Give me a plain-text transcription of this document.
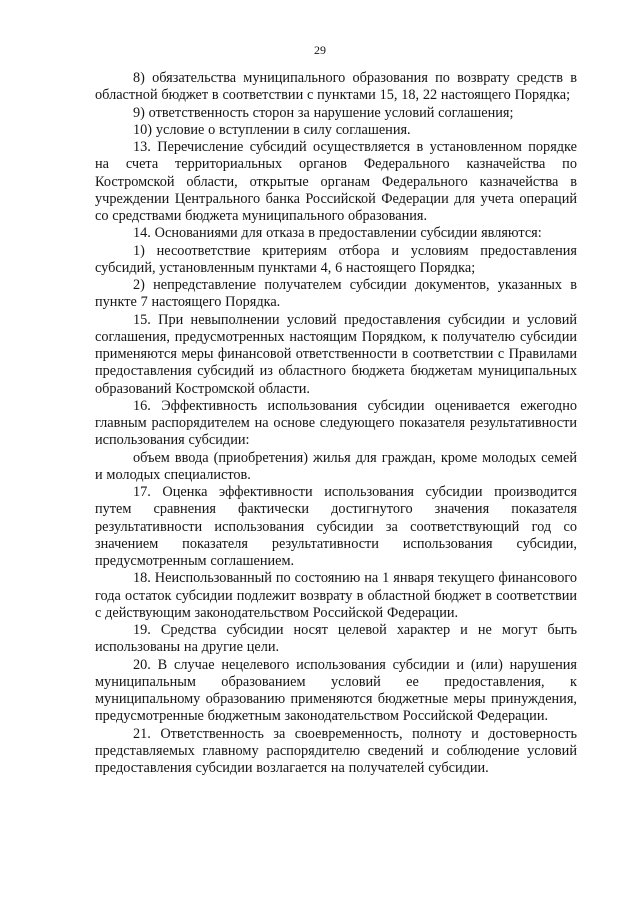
29

8) обязательства муниципального образования по возврату средств в областной бюджет в соответствии с пунктами 15, 18, 22 настоящего Порядка;

9) ответственность сторон за нарушение условий соглашения;

10) условие о вступлении в силу соглашения.

13. Перечисление субсидий осуществляется в установленном порядке на счета территориальных органов Федерального казначейства по Костромской области, открытые органам Федерального казначейства в учреждении Центрального банка Российской Федерации для учета операций со средствами бюджета муниципального образования.

14. Основаниями для отказа в предоставлении субсидии являются:

1) несоответствие критериям отбора и условиям предоставления субсидий, установленным пунктами 4, 6 настоящего Порядка;

2) непредставление получателем субсидии документов, указанных в пункте 7 настоящего Порядка.

15. При невыполнении условий предоставления субсидии и условий соглашения, предусмотренных настоящим Порядком, к получателю субсидии применяются меры финансовой ответственности в соответствии с Правилами предоставления субсидий из областного бюджета бюджетам муниципальных образований Костромской области.

16. Эффективность использования субсидии оценивается ежегодно главным распорядителем на основе следующего показателя результативности использования субсидии:

объем ввода (приобретения) жилья для граждан, кроме молодых семей и молодых специалистов.

17. Оценка эффективности использования субсидии производится путем сравнения фактически достигнутого значения показателя результативности использования субсидии за соответствующий год со значением показателя результативности использования субсидии, предусмотренным соглашением.

18. Неиспользованный по состоянию на 1 января текущего финансового года остаток субсидии подлежит возврату в областной бюджет в соответствии с действующим законодательством Российской Федерации.

19. Средства субсидии носят целевой характер и не могут быть использованы на другие цели.

20. В случае нецелевого использования субсидии и (или) нарушения муниципальным образованием условий ее предоставления, к муниципальному образованию применяются бюджетные меры принуждения, предусмотренные бюджетным законодательством Российской Федерации.

21. Ответственность за своевременность, полноту и достоверность представляемых главному распорядителю сведений и соблюдение условий предоставления субсидии возлагается на получателей субсидии.
